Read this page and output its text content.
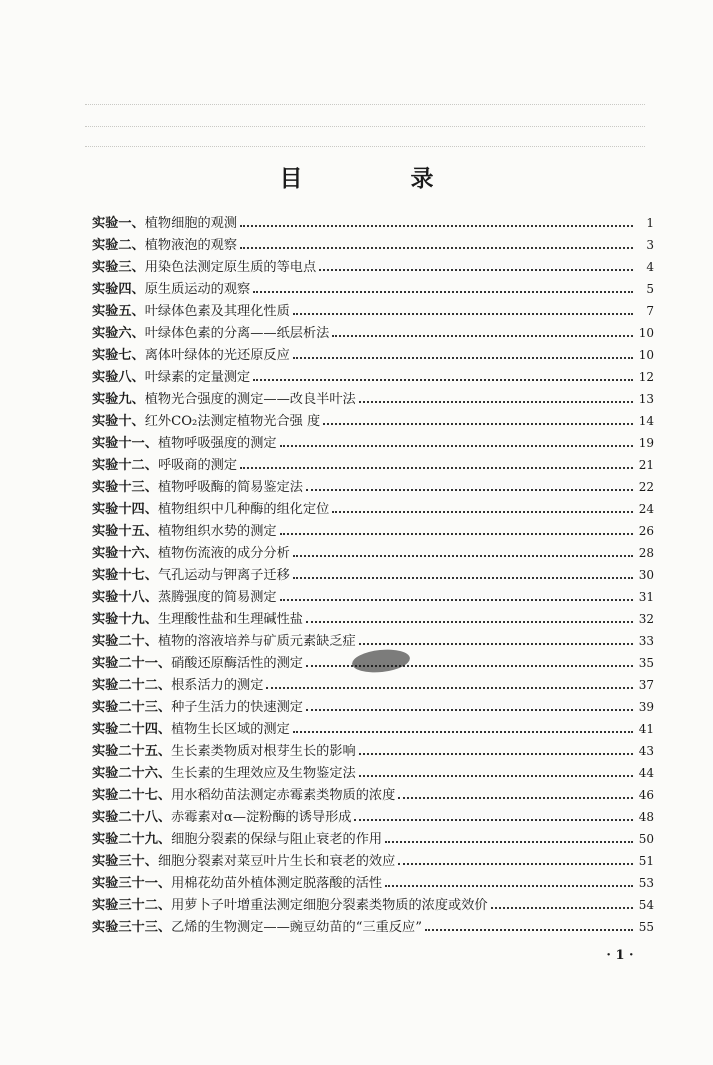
目 录
实验一、 植物细胞的观测	1
实验二、 植物液泡的观察	3
实验三、 用染色法测定原生质的等电点	4
实验四、 原生质运动的观察	5
实验五、 叶绿体色素及其理化性质	7
实验六、 叶绿体色素的分离——纸层析法	10
实验七、 离体叶绿体的光还原反应	10
实验八、 叶绿素的定量测定	12
实验九、 植物光合强度的测定——改良半叶法	13
实验十、 红外CO₂法测定植物光合强 度	14
实验十一、 植物呼吸强度的测定	19
实验十二、 呼吸商的测定	21
实验十三、 植物呼吸酶的简易鉴定法	22
实验十四、 植物组织中几种酶的组化定位	24
实验十五、 植物组织水势的测定	26
实验十六、 植物伤流液的成分分析	28
实验十七、 气孔运动与钾离子迁移	30
实验十八、 蒸腾强度的简易测定	31
实验十九、 生理酸性盐和生理碱性盐	32
实验二十、 植物的溶液培养与矿质元素缺乏症	33
实验二十一、 硝酸还原酶活性的测定	35
实验二十二、 根系活力的测定	37
实验二十三、 种子生活力的快速测定	39
实验二十四、 植物生长区域的测定	41
实验二十五、 生长素类物质对根芽生长的影响	43
实验二十六、 生长素的生理效应及生物鉴定法	44
实验二十七、 用水稻幼苗法测定赤霉素类物质的浓度	46
实验二十八、 赤霉素对α—淀粉酶的诱导形成	48
实验二十九、 细胞分裂素的保绿与阻止衰老的作用	50
实验三十、 细胞分裂素对菜豆叶片生长和衰老的效应	51
实验三十一、 用棉花幼苗外植体测定脱落酸的活性	53
实验三十二、 用萝卜子叶增重法测定细胞分裂素类物质的浓度或效价	54
实验三十三、 乙烯的生物测定——豌豆幼苗的“三重反应”	55
· 1 ·
